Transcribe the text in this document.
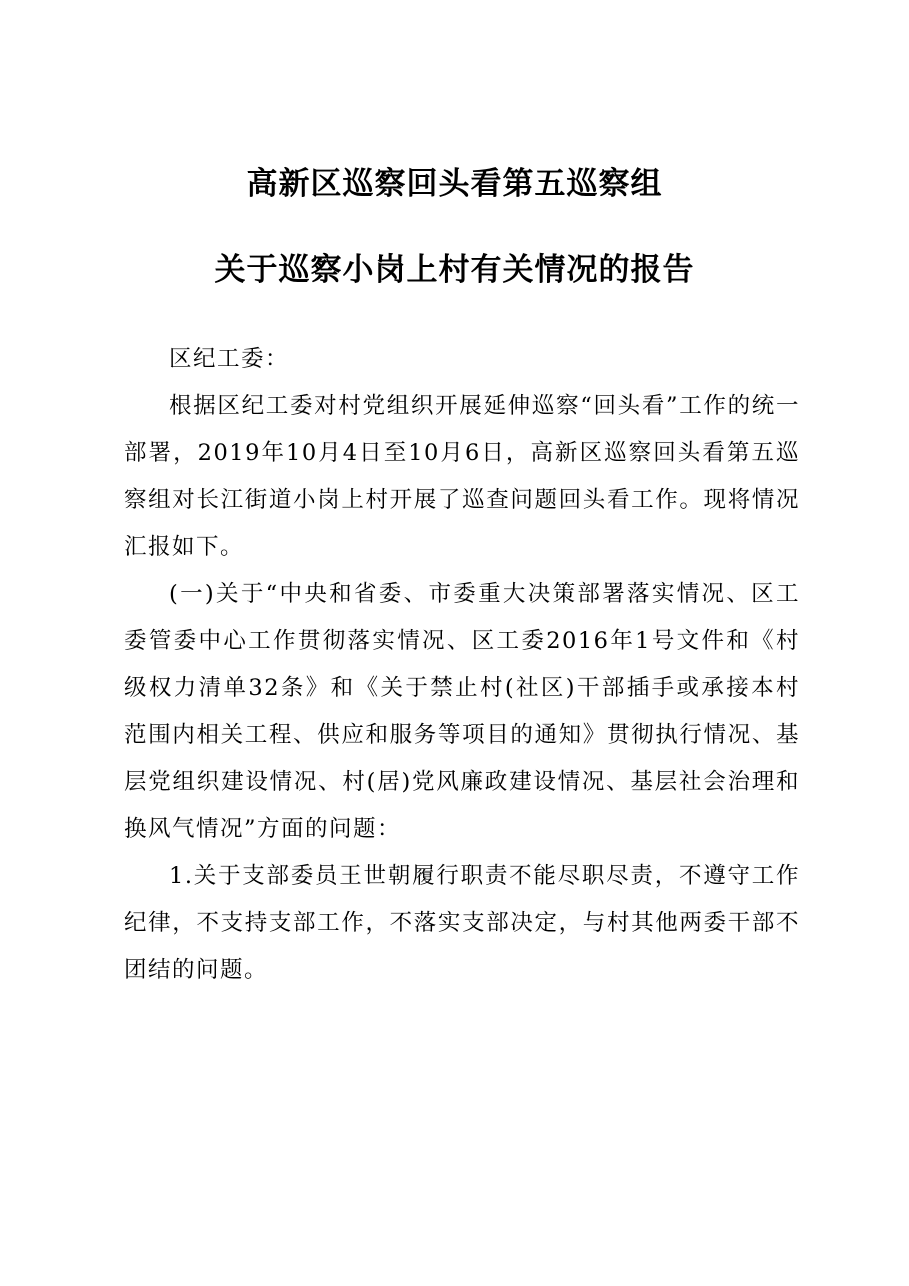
高新区巡察回头看第五巡察组
关于巡察小岗上村有关情况的报告

区纪工委：

根据区纪工委对村党组织开展延伸巡察“回头看”工作的统一部署，2019年10月4日至10月6日，高新区巡察回头看第五巡察组对长江街道小岗上村开展了巡查问题回头看工作。现将情况汇报如下。

(一)关于“中央和省委、市委重大决策部署落实情况、区工委管委中心工作贯彻落实情况、区工委2016年1号文件和《村级权力清单32条》和《关于禁止村(社区)干部插手或承接本村范围内相关工程、供应和服务等项目的通知》贯彻执行情况、基层党组织建设情况、村(居)党风廉政建设情况、基层社会治理和换风气情况”方面的问题：

1.关于支部委员王世朝履行职责不能尽职尽责，不遵守工作纪律，不支持支部工作，不落实支部决定，与村其他两委干部不团结的问题。
